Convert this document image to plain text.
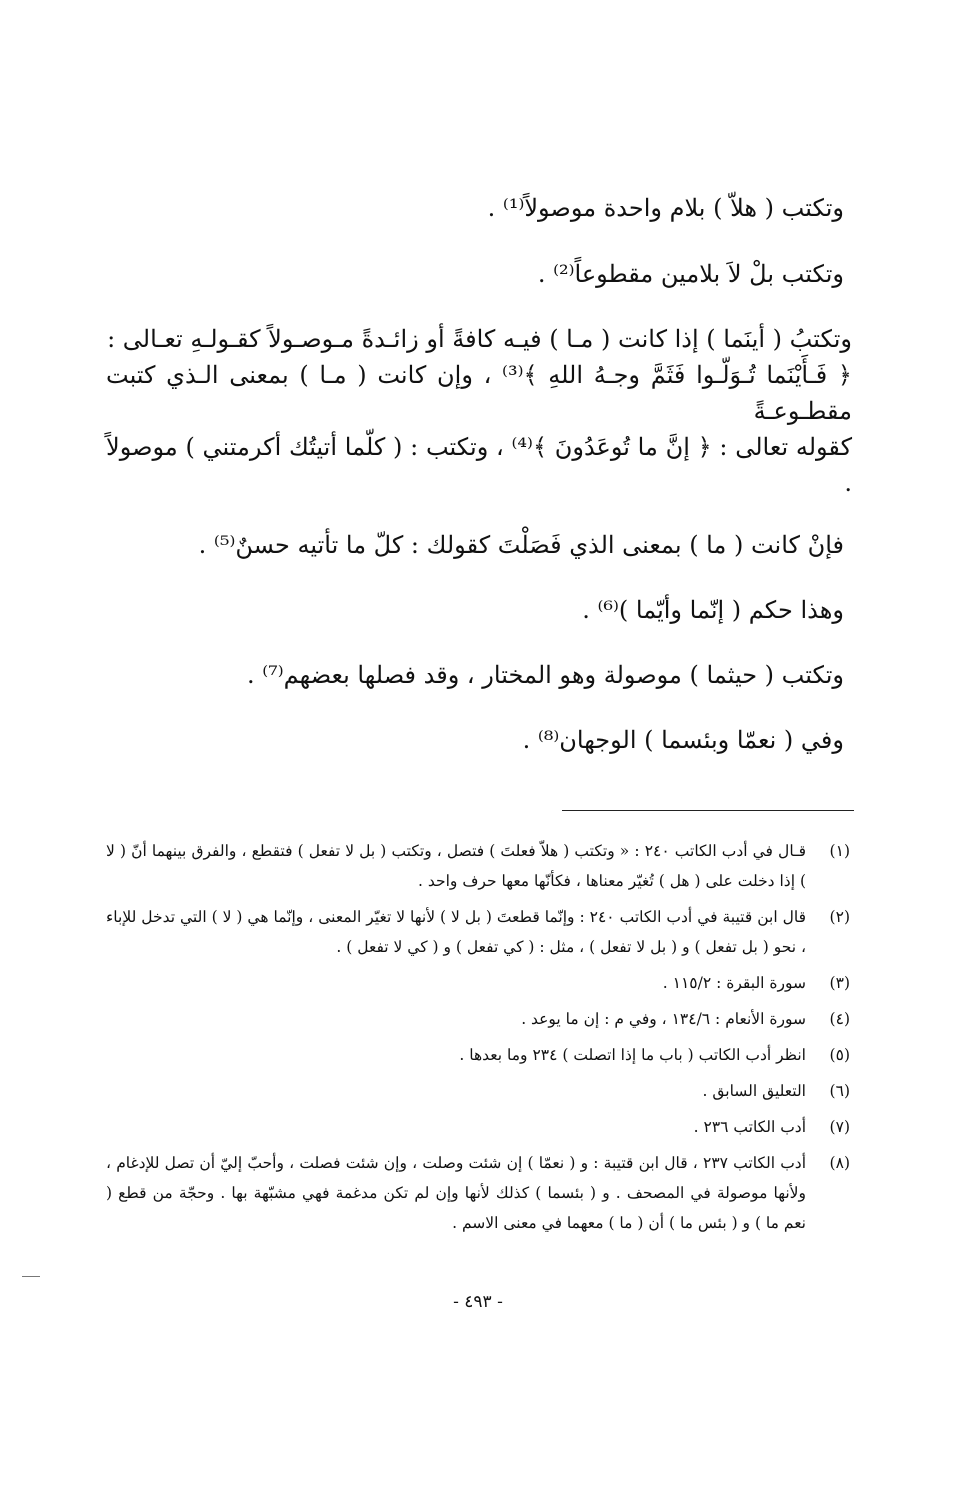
وتكتب ( هلاّ ) بلام واحدة موصولاً⁽¹⁾ .

وتكتب بلْ لاَ بلامين مقطوعاً⁽²⁾ .

وتكتبُ ( أينَما ) إذا كانت ( مـا ) فيـه كافةً أو زائـدةً مـوصـولاً كقـولـهِ تعـالى :
﴿ فَـأَيْنَما تُـوَلّـوا فَثَمَّ وجـهُ اللهِ ﴾⁽³⁾ ، وإن كانت ( مـا ) بمعنى الـذي كتبت مقطـوعـةً
كقوله تعالى : ﴿ إنَّ ما تُوعَدُونَ ﴾⁽⁴⁾ ، وتكتب : ( كلّما أتيتُك أكرمتني ) موصولاً .

فإنْ كانت ( ما ) بمعنى الذي فَصَلْتَ كقولك : كلّ ما تأتيه حسنٌ⁽⁵⁾ .

وهذا حكم ( إنّما وأيّما )⁽⁶⁾ .

وتكتب ( حيثما ) موصولة وهو المختار ، وقد فصلها بعضهم⁽⁷⁾ .

وفي ( نعمّا وبئسما ) الوجهان⁽⁸⁾ .

(١)
قـال في أدب الكاتب ٢٤٠ : « وتكتب ( هلاّ فعلتَ ) فتصل ، وتكتب ( بل لا تفعل ) فتقطع ، والفرق بينهما أنّ ( لا ) إذا دخلت على ( هل ) تُغيّر معناها ، فكأنّها معها حرف واحد .
(٢)
قال ابن قتيبة في أدب الكاتب ٢٤٠ : وإنّما قطعتَ ( بل لا ) لأنها لا تغيّر المعنى ، وإنّما هي ( لا ) التي تدخل للإباء ، نحو ( بل تفعل ) و ( بل لا تفعل ) ، مثل : ( كي تفعل ) و ( كي لا تفعل ) .
(٣)
سورة البقرة : ١١٥/٢ .
(٤)
سورة الأنعام : ١٣٤/٦ ، وفي م : إن ما يوعد .
(٥)
انظر أدب الكاتب ( باب ما إذا اتصلت ) ٢٣٤ وما بعدها .
(٦)
التعليق السابق .
(٧)
أدب الكاتب ٢٣٦ .
(٨)
أدب الكاتب ٢٣٧ ، قال ابن قتيبة : و ( نعمّا ) إن شئت وصلت ، وإن شئت فصلت ، وأحبّ إليّ أن تصل للإدغام ، ولأنها موصولة في المصحف . و ( بئسما ) كذلك لأنها وإن لم تكن مدغمة فهي مشبّهة بها . وحجّة من قطع ( نعم ما ) و ( بئس ما ) أن ( ما ) معهما في معنى الاسم .
- ٤٩٣ -
